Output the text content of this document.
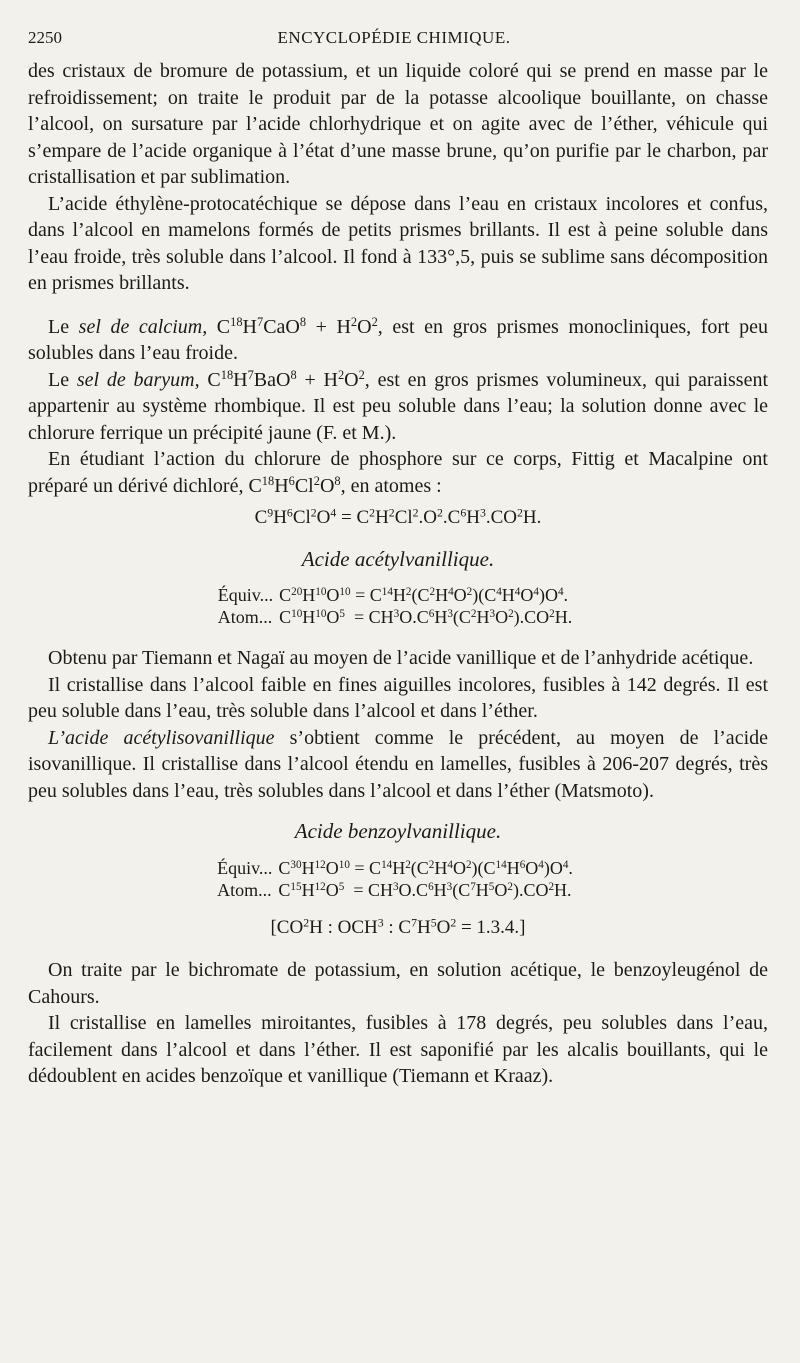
2250	ENCYCLOPÉDIE CHIMIQUE.

des cristaux de bromure de potassium, et un liquide coloré qui se prend en masse par le refroidissement; on traite le produit par de la potasse alcoolique bouillante, on chasse l’alcool, on sursature par l’acide chlorhydrique et on agite avec de l’éther, véhicule qui s’empare de l’acide organique à l’état d’une masse brune, qu’on purifie par le charbon, par cristallisation et par sublimation.

L’acide éthylène-protocatéchique se dépose dans l’eau en cristaux incolores et confus, dans l’alcool en mamelons formés de petits prismes brillants. Il est à peine soluble dans l’eau froide, très soluble dans l’alcool. Il fond à 133°,5, puis se sublime sans décomposition en prismes brillants.

Le sel de calcium, $C^{18}H^7CaO^8 + H^2O^2$, est en gros prismes monocliniques, fort peu solubles dans l’eau froide.

Le sel de baryum, $C^{18}H^7BaO^8 + H^2O^2$, est en gros prismes volumineux, qui paraissent appartenir au système rhombique. Il est peu soluble dans l’eau; la solution donne avec le chlorure ferrique un précipité jaune (F. et M.).

En étudiant l’action du chlorure de phosphore sur ce corps, Fittig et Macalpine ont préparé un dérivé dichloré, $C^{18}H^6Cl^2O^8$, en atomes :

$C^9H^6Cl^2O^4 = C^2H^2Cl^2.O^2.C^6H^3.CO^2H$.
Acide acétylvanillique.
Équiv...	$C^{20}H^{10}O^{10} = C^{14}H^2(C^2H^4O^2)(C^4H^4O^4)O^4$.
Atom...	$C^{10}H^{10}O^5 = CH^3O.C^6H^3(C^2H^3O^2).CO^2H$.

Obtenu par Tiemann et Nagaï au moyen de l’acide vanillique et de l’anhydride acétique.

Il cristallise dans l’alcool faible en fines aiguilles incolores, fusibles à 142 degrés. Il est peu soluble dans l’eau, très soluble dans l’alcool et dans l’éther.

L’acide acétylisovanillique s’obtient comme le précédent, au moyen de l’acide isovanillique. Il cristallise dans l’alcool étendu en lamelles, fusibles à 206-207 degrés, très peu solubles dans l’eau, très solubles dans l’alcool et dans l’éther (Matsmoto).

Acide benzoylvanillique.
Équiv...	$C^{30}H^{12}O^{10} = C^{14}H^2(C^2H^4O^2)(C^{14}H^6O^4)O^4$.
Atom...	$C^{15}H^{12}O^5 = CH^3O.C^6H^3(C^7H^5O^2).CO^2H$.
[$CO^2H$ : OCH$^3$ : $C^7H^5O^2 = 1.3.4$.]

On traite par le bichromate de potassium, en solution acétique, le benzoyleugénol de Cahours.

Il cristallise en lamelles miroitantes, fusibles à 178 degrés, peu solubles dans l’eau, facilement dans l’alcool et dans l’éther. Il est saponifié par les alcalis bouillants, qui le dédoublent en acides benzoïque et vanillique (Tiemann et Kraaz).
